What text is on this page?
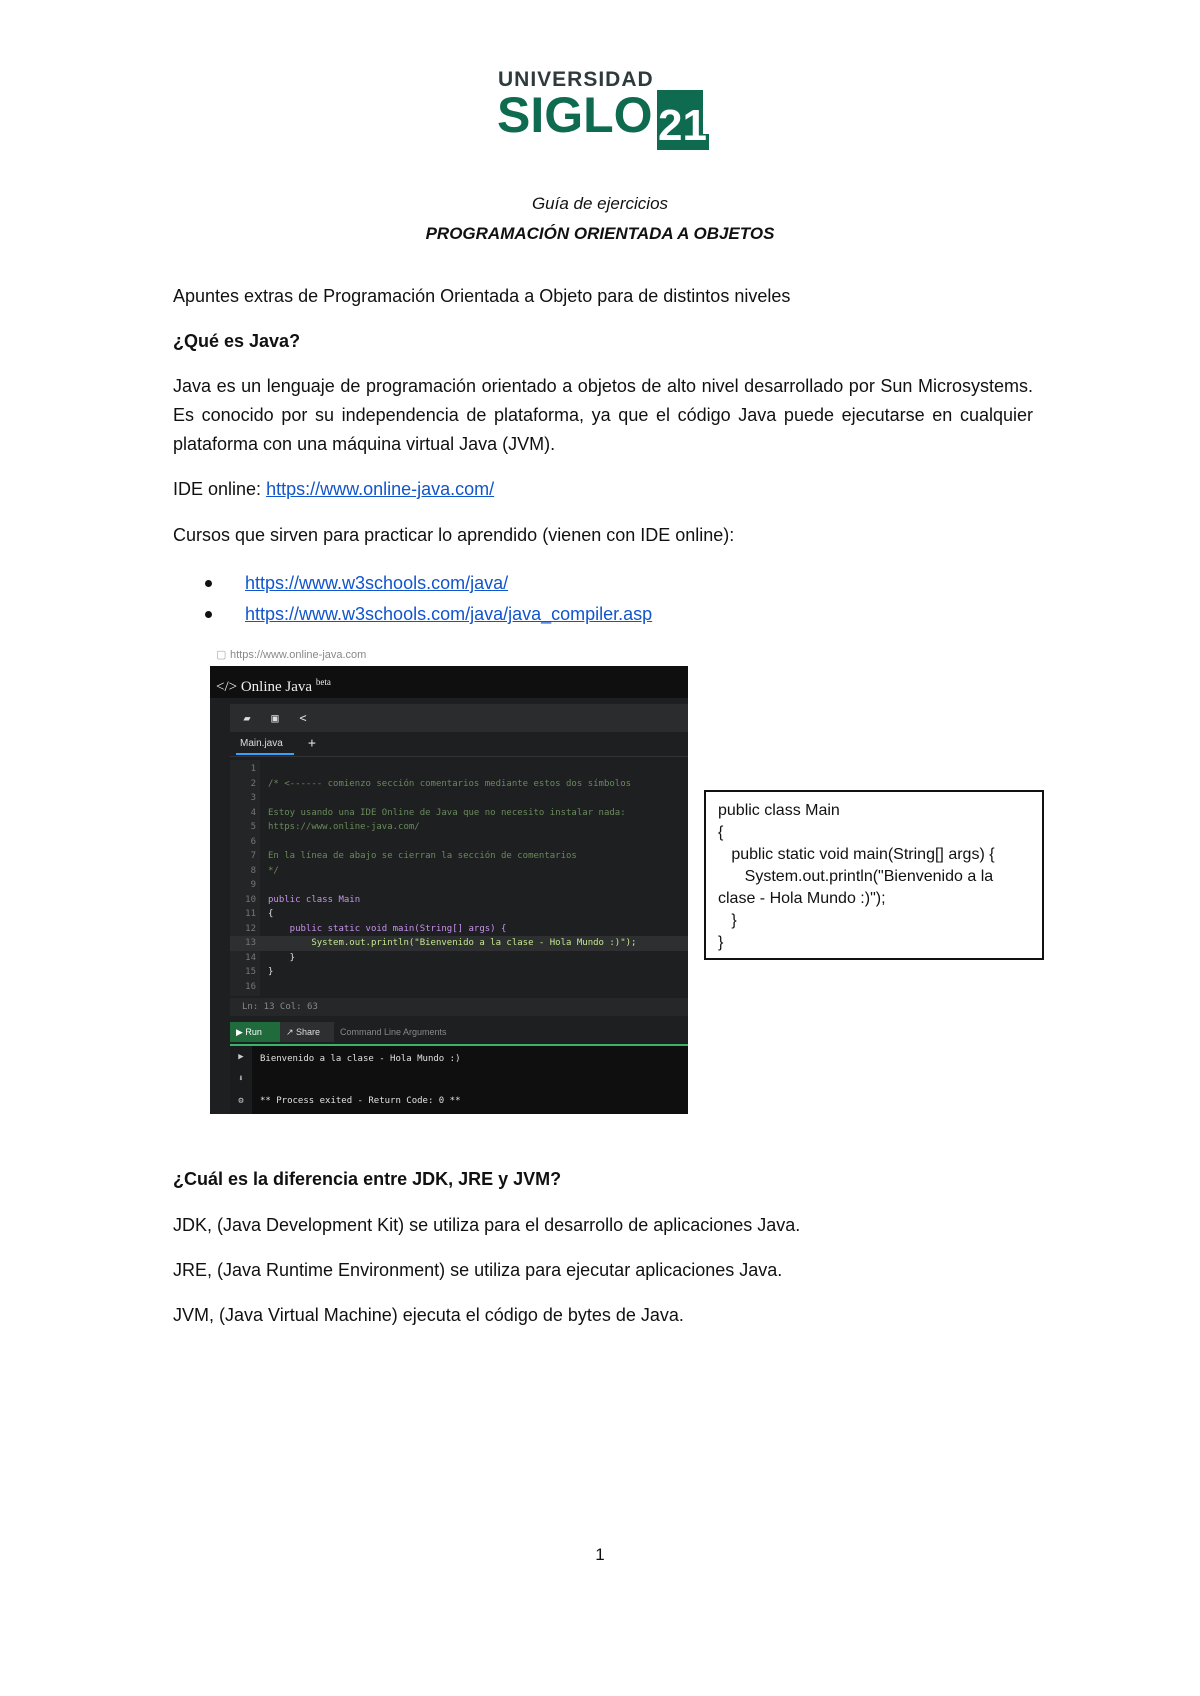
UNIVERSIDAD
SIGLO 21
Guía de ejercicios
PROGRAMACIÓN ORIENTADA A OBJETOS
Apuntes extras de Programación Orientada a Objeto para de distintos niveles
¿Qué es Java?
Java es un lenguaje de programación orientado a objetos de alto nivel desarrollado por Sun Microsystems. Es conocido por su independencia de plataforma, ya que el código Java puede ejecutarse en cualquier plataforma con una máquina virtual Java (JVM).
IDE online: https://www.online-java.com/
Cursos que sirven para practicar lo aprendido (vienen con IDE online):
https://www.w3schools.com/java/
https://www.w3schools.com/java/java_compiler.asp
▢ https://www.online-java.com
</> Online Java $^{beta}$
▰ ▣ <
Main.java	+
1
2 /* <------ comienzo sección comentarios mediante estos dos símbolos
3
4 Estoy usando una IDE Online de Java que no necesito instalar nada:
5 https://www.online-java.com/
6
7 En la línea de abajo se cierran la sección de comentarios
8 */
9
10 public class Main
11 {
12    public static void main(String[] args) {
13        System.out.println("Bienvenido a la clase - Hola Mundo :)");
14    }
15 }
16
Ln: 13 Col: 63
▶ Run	↗ Share	Command Line Arguments
▶
⬇
⚙
Bienvenido a la clase - Hola Mundo :)
** Process exited - Return Code: 0 **
public class Main
{
public static void main(String[] args) {
System.out.println("Bienvenido a la
clase - Hola Mundo :)");
}
}
¿Cuál es la diferencia entre JDK, JRE y JVM?
JDK, (Java Development Kit) se utiliza para el desarrollo de aplicaciones Java.
JRE, (Java Runtime Environment) se utiliza para ejecutar aplicaciones Java.
JVM, (Java Virtual Machine) ejecuta el código de bytes de Java.
1
